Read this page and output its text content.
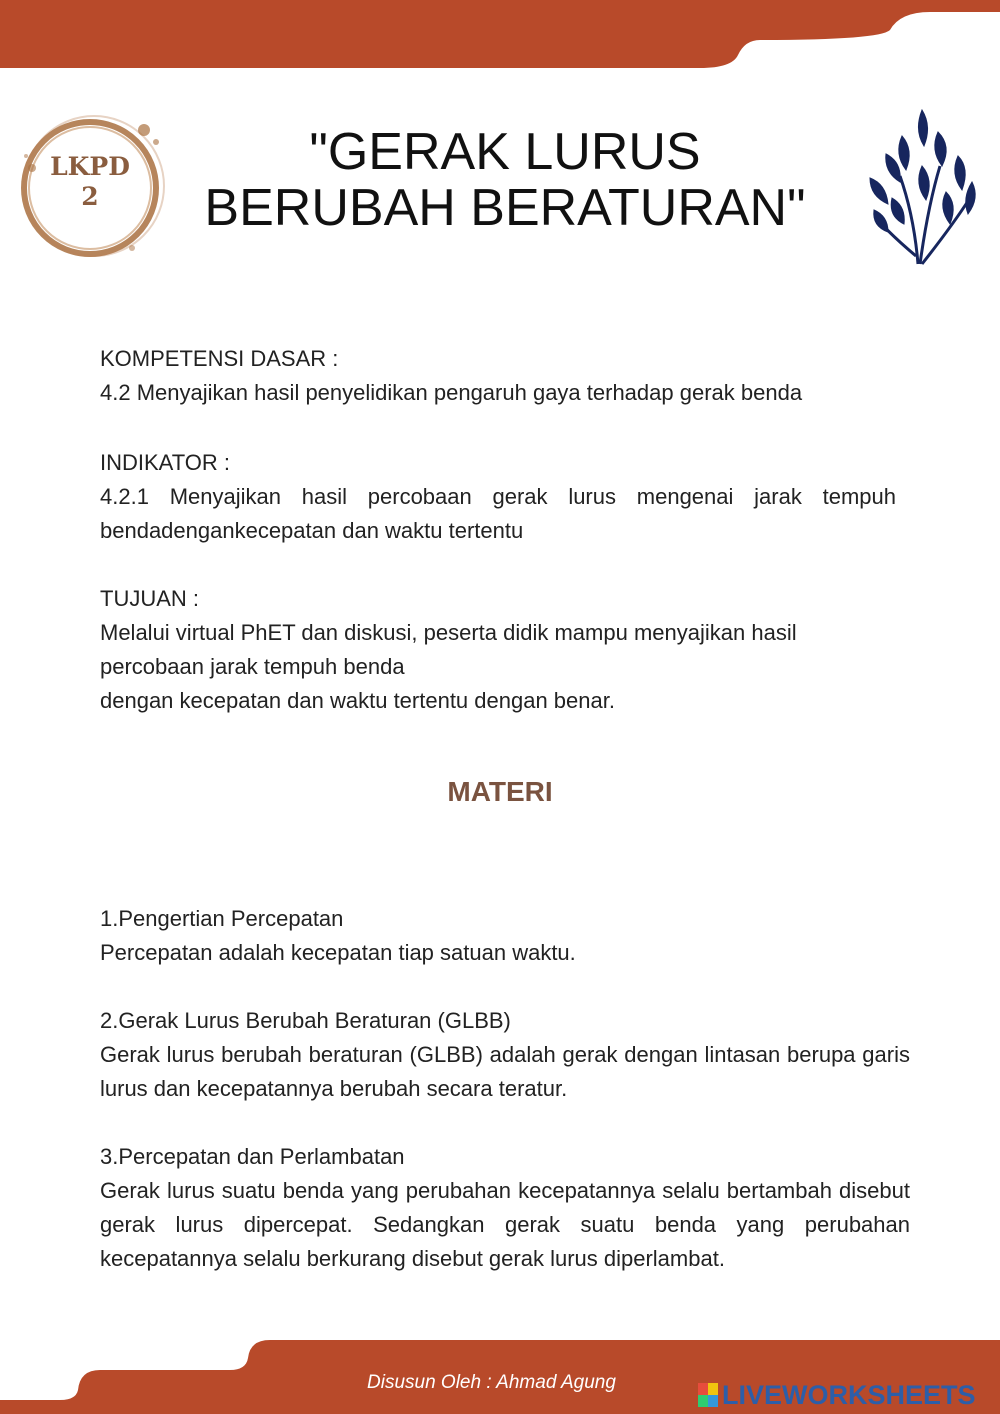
LKPD
2
"GERAK LURUS
BERUBAH BERATURAN"

KOMPETENSI DASAR :

4.2 Menyajikan hasil penyelidikan pengaruh gaya terhadap gerak benda

INDIKATOR :

4.2.1 Menyajikan hasil percobaan gerak lurus mengenai jarak tempuh bendadengankecepatan dan waktu tertentu

TUJUAN :

Melalui virtual PhET dan diskusi, peserta didik mampu menyajikan hasil percobaan jarak tempuh benda

dengan kecepatan dan waktu tertentu dengan benar.

MATERI

1.Pengertian Percepatan

Percepatan adalah kecepatan tiap satuan waktu.

2.Gerak Lurus Berubah Beraturan (GLBB)

Gerak lurus berubah beraturan (GLBB) adalah gerak dengan lintasan berupa garis lurus dan kecepatannya berubah secara teratur.

3.Percepatan dan Perlambatan

Gerak lurus suatu benda yang perubahan kecepatannya selalu bertambah disebut gerak lurus dipercepat. Sedangkan gerak suatu benda yang perubahan kecepatannya selalu berkurang disebut gerak lurus diperlambat.

Disusun Oleh : Ahmad Agung	LIVEWORKSHEETS
